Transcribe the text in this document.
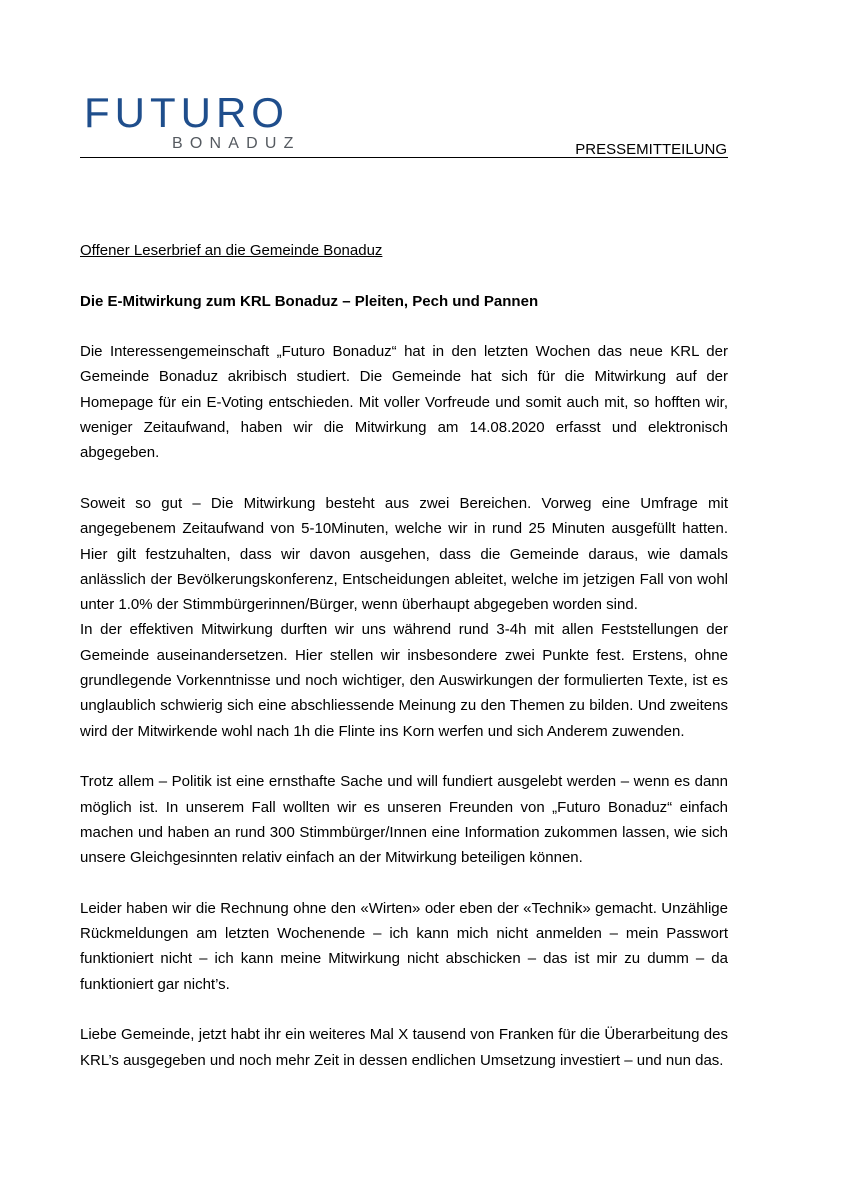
FUTURO
BONADUZ	PRESSEMITTEILUNG

Offener Leserbrief an die Gemeinde Bonaduz

Die E-Mitwirkung zum KRL Bonaduz – Pleiten, Pech und Pannen

Die Interessengemeinschaft „Futuro Bonaduz“ hat in den letzten Wochen das neue KRL der Gemeinde Bonaduz akribisch studiert. Die Gemeinde hat sich für die Mitwirkung auf der Homepage für ein E-Voting entschieden. Mit voller Vorfreude und somit auch mit, so hofften wir, weniger Zeitaufwand, haben wir die Mitwirkung am 14.08.2020 erfasst und elektronisch abgegeben.

Soweit so gut – Die Mitwirkung besteht aus zwei Bereichen. Vorweg eine Umfrage mit angegebenem Zeitaufwand von 5-10Minuten, welche wir in rund 25 Minuten ausgefüllt hatten. Hier gilt festzuhalten, dass wir davon ausgehen, dass die Gemeinde daraus, wie damals anlässlich der Bevölkerungskonferenz, Entscheidungen ableitet, welche im jetzigen Fall von wohl unter 1.0% der Stimmbürgerinnen/Bürger, wenn überhaupt abgegeben worden sind.

In der effektiven Mitwirkung durften wir uns während rund 3-4h mit allen Feststellungen der Gemeinde auseinandersetzen. Hier stellen wir insbesondere zwei Punkte fest. Erstens, ohne grundlegende Vorkenntnisse und noch wichtiger, den Auswirkungen der formulierten Texte, ist es unglaublich schwierig sich eine abschliessende Meinung zu den Themen zu bilden. Und zweitens wird der Mitwirkende wohl nach 1h die Flinte ins Korn werfen und sich Anderem zuwenden.

Trotz allem – Politik ist eine ernsthafte Sache und will fundiert ausgelebt werden – wenn es dann möglich ist. In unserem Fall wollten wir es unseren Freunden von „Futuro Bonaduz“ einfach machen und haben an rund 300 Stimmbürger/Innen eine Information zukommen lassen, wie sich unsere Gleichgesinnten relativ einfach an der Mitwirkung beteiligen können.

Leider haben wir die Rechnung ohne den «Wirten» oder eben der «Technik» gemacht. Unzählige Rückmeldungen am letzten Wochenende – ich kann mich nicht anmelden – mein Passwort funktioniert nicht – ich kann meine Mitwirkung nicht abschicken – das ist mir zu dumm – da funktioniert gar nicht’s.

Liebe Gemeinde, jetzt habt ihr ein weiteres Mal X tausend von Franken für die Überarbeitung des KRL’s ausgegeben und noch mehr Zeit in dessen endlichen Umsetzung investiert – und nun das.
